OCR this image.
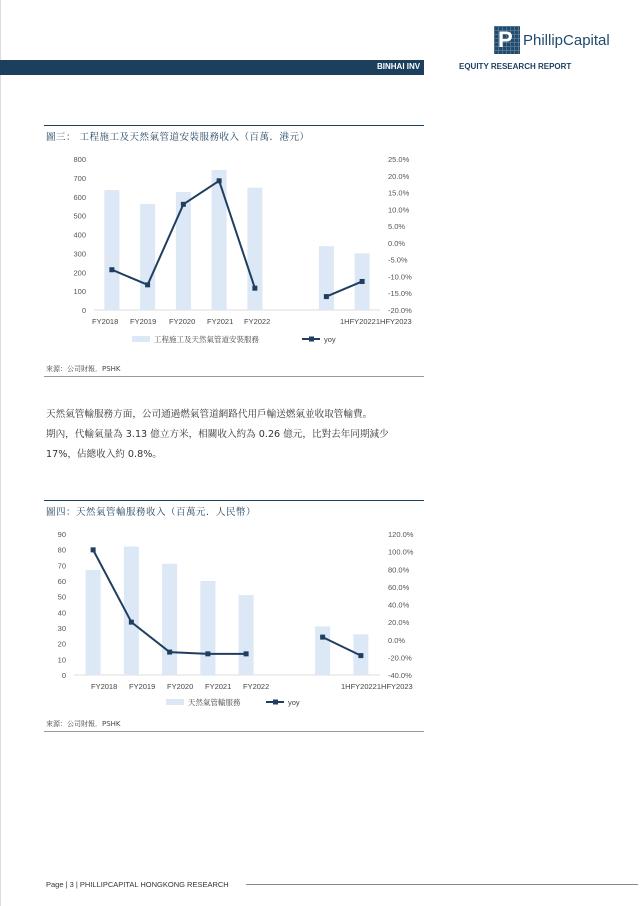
P PhillipCapital
BINHAI INV	EQUITY RESEARCH REPORT
圖三： 工程施工及天然氣管道安裝服務收入（百萬．港元）
0
100
200
300
400
500
600
700
800
-20.0%
-15.0%
-10.0%
-5.0%
0.0%
5.0%
10.0%
15.0%
20.0%
25.0%
FY2018 FY2019 FY2020 FY2021 FY2022	1HFY20221HFY2023
工程施工及天然氣管道安裝服務	yoy
來源：公司財報．PSHK
天然氣管輸服務方面，公司通過燃氣管道網路代用戶輸送燃氣並收取管輸費。
期內，代輸氣量為 3.13 億立方米，相關收入約為 0.26 億元，比對去年同期減少
17%，佔總收入約 0.8%。
圖四：天然氣管輸服務收入（百萬元．人民幣）
0
10
20
30
40
50
60
70
80
90
-40.0%
-20.0%
0.0%
20.0%
40.0%
60.0%
80.0%
100.0%
120.0%
FY2018 FY2019 FY2020 FY2021 FY2022	1HFY20221HFY2023
天然氣管輸服務	yoy
來源：公司財報．PSHK
Page | 3 | PHILLIPCAPITAL HONGKONG RESEARCH
